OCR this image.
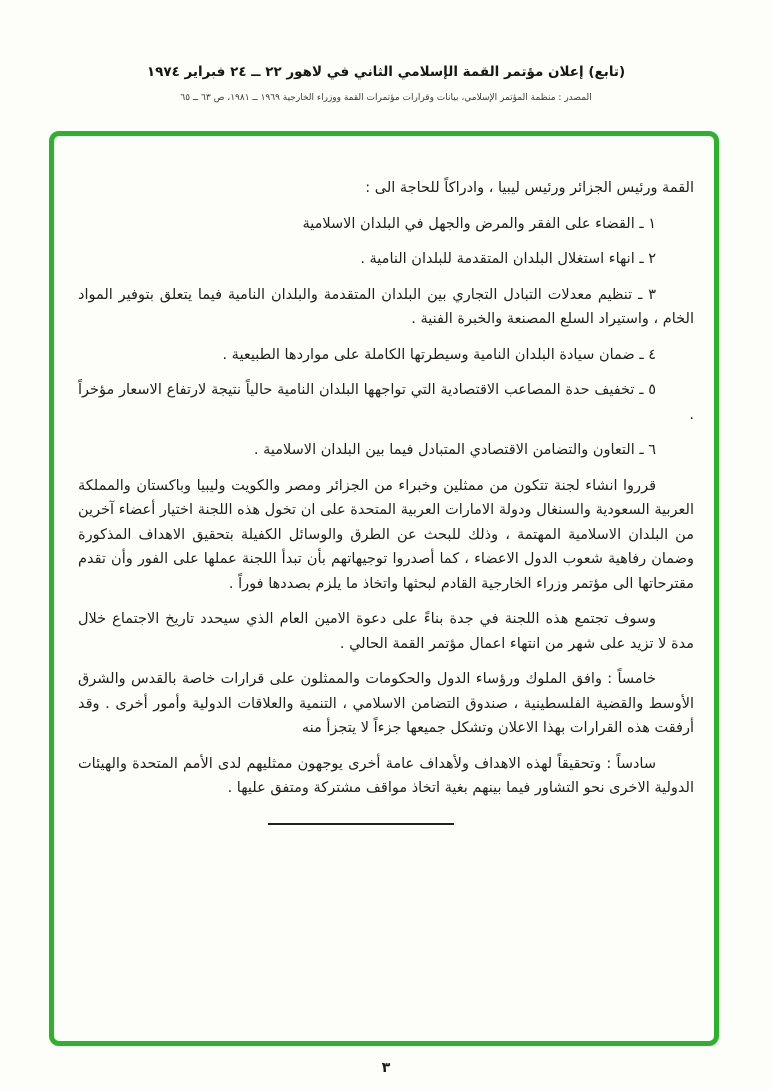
(تابع) إعلان مؤتمر القمة الإسلامي الثاني في لاهور ٢٢ ــ ٢٤ فبراير ١٩٧٤
المصدر : منظمة المؤتمر الإسلامي، بيانات وقرارات مؤتمرات القمة ووزراء الخارجية ١٩٦٩ ــ ١٩٨١، ص ٦٣ ــ ٦٥

القمة ورئيس الجزائر ورئيس ليبيا ، وادراكاً للحاجة الى :

١ ـ القضاء على الفقر والمرض والجهل في البلدان الاسلامية

٢ ـ انهاء استغلال البلدان المتقدمة للبلدان النامية .

٣ ـ تنظيم معدلات التبادل التجاري بين البلدان المتقدمة والبلدان النامية فيما يتعلق بتوفير المواد الخام ، واستيراد السلع المصنعة والخبرة الفنية .

٤ ـ ضمان سيادة البلدان النامية وسيطرتها الكاملة على مواردها الطبيعية .

٥ ـ تخفيف حدة المصاعب الاقتصادية التي تواجهها البلدان النامية حالياً نتيجة لارتفاع الاسعار مؤخراً .

٦ ـ التعاون والتضامن الاقتصادي المتبادل فيما بين البلدان الاسلامية .

قرروا انشاء لجنة تتكون من ممثلين وخبراء من الجزائر ومصر والكويت وليبيا وباكستان والمملكة العربية السعودية والسنغال ودولة الامارات العربية المتحدة على ان تخول هذه اللجنة اختيار أعضاء آخرين من البلدان الاسلامية المهتمة ، وذلك للبحث عن الطرق والوسائل الكفيلة بتحقيق الاهداف المذكورة وضمان رفاهية شعوب الدول الاعضاء ، كما أصدروا توجيهاتهم بأن تبدأ اللجنة عملها على الفور وأن تقدم مقترحاتها الى مؤتمر وزراء الخارجية القادم لبحثها واتخاذ ما يلزم بصددها فوراً .

وسوف تجتمع هذه اللجنة في جدة بناءً على دعوة الامين العام الذي سيحدد تاريخ الاجتماع خلال مدة لا تزيد على شهر من انتهاء اعمال مؤتمر القمة الحالي .

خامساً : وافق الملوك ورؤساء الدول والحكومات والممثلون على قرارات خاصة بالقدس والشرق الأوسط والقضية الفلسطينية ، صندوق التضامن الاسلامي ، التنمية والعلاقات الدولية وأمور أخرى . وقد أرفقت هذه القرارات بهذا الاعلان وتشكل جميعها جزءاً لا يتجزأ منه

سادساً : وتحقيقاً لهذه الاهداف ولأهداف عامة أخرى يوجهون ممثليهم لدى الأمم المتحدة والهيئات الدولية الاخرى نحو التشاور فيما بينهم بغية اتخاذ مواقف مشتركة ومتفق عليها .

٣
